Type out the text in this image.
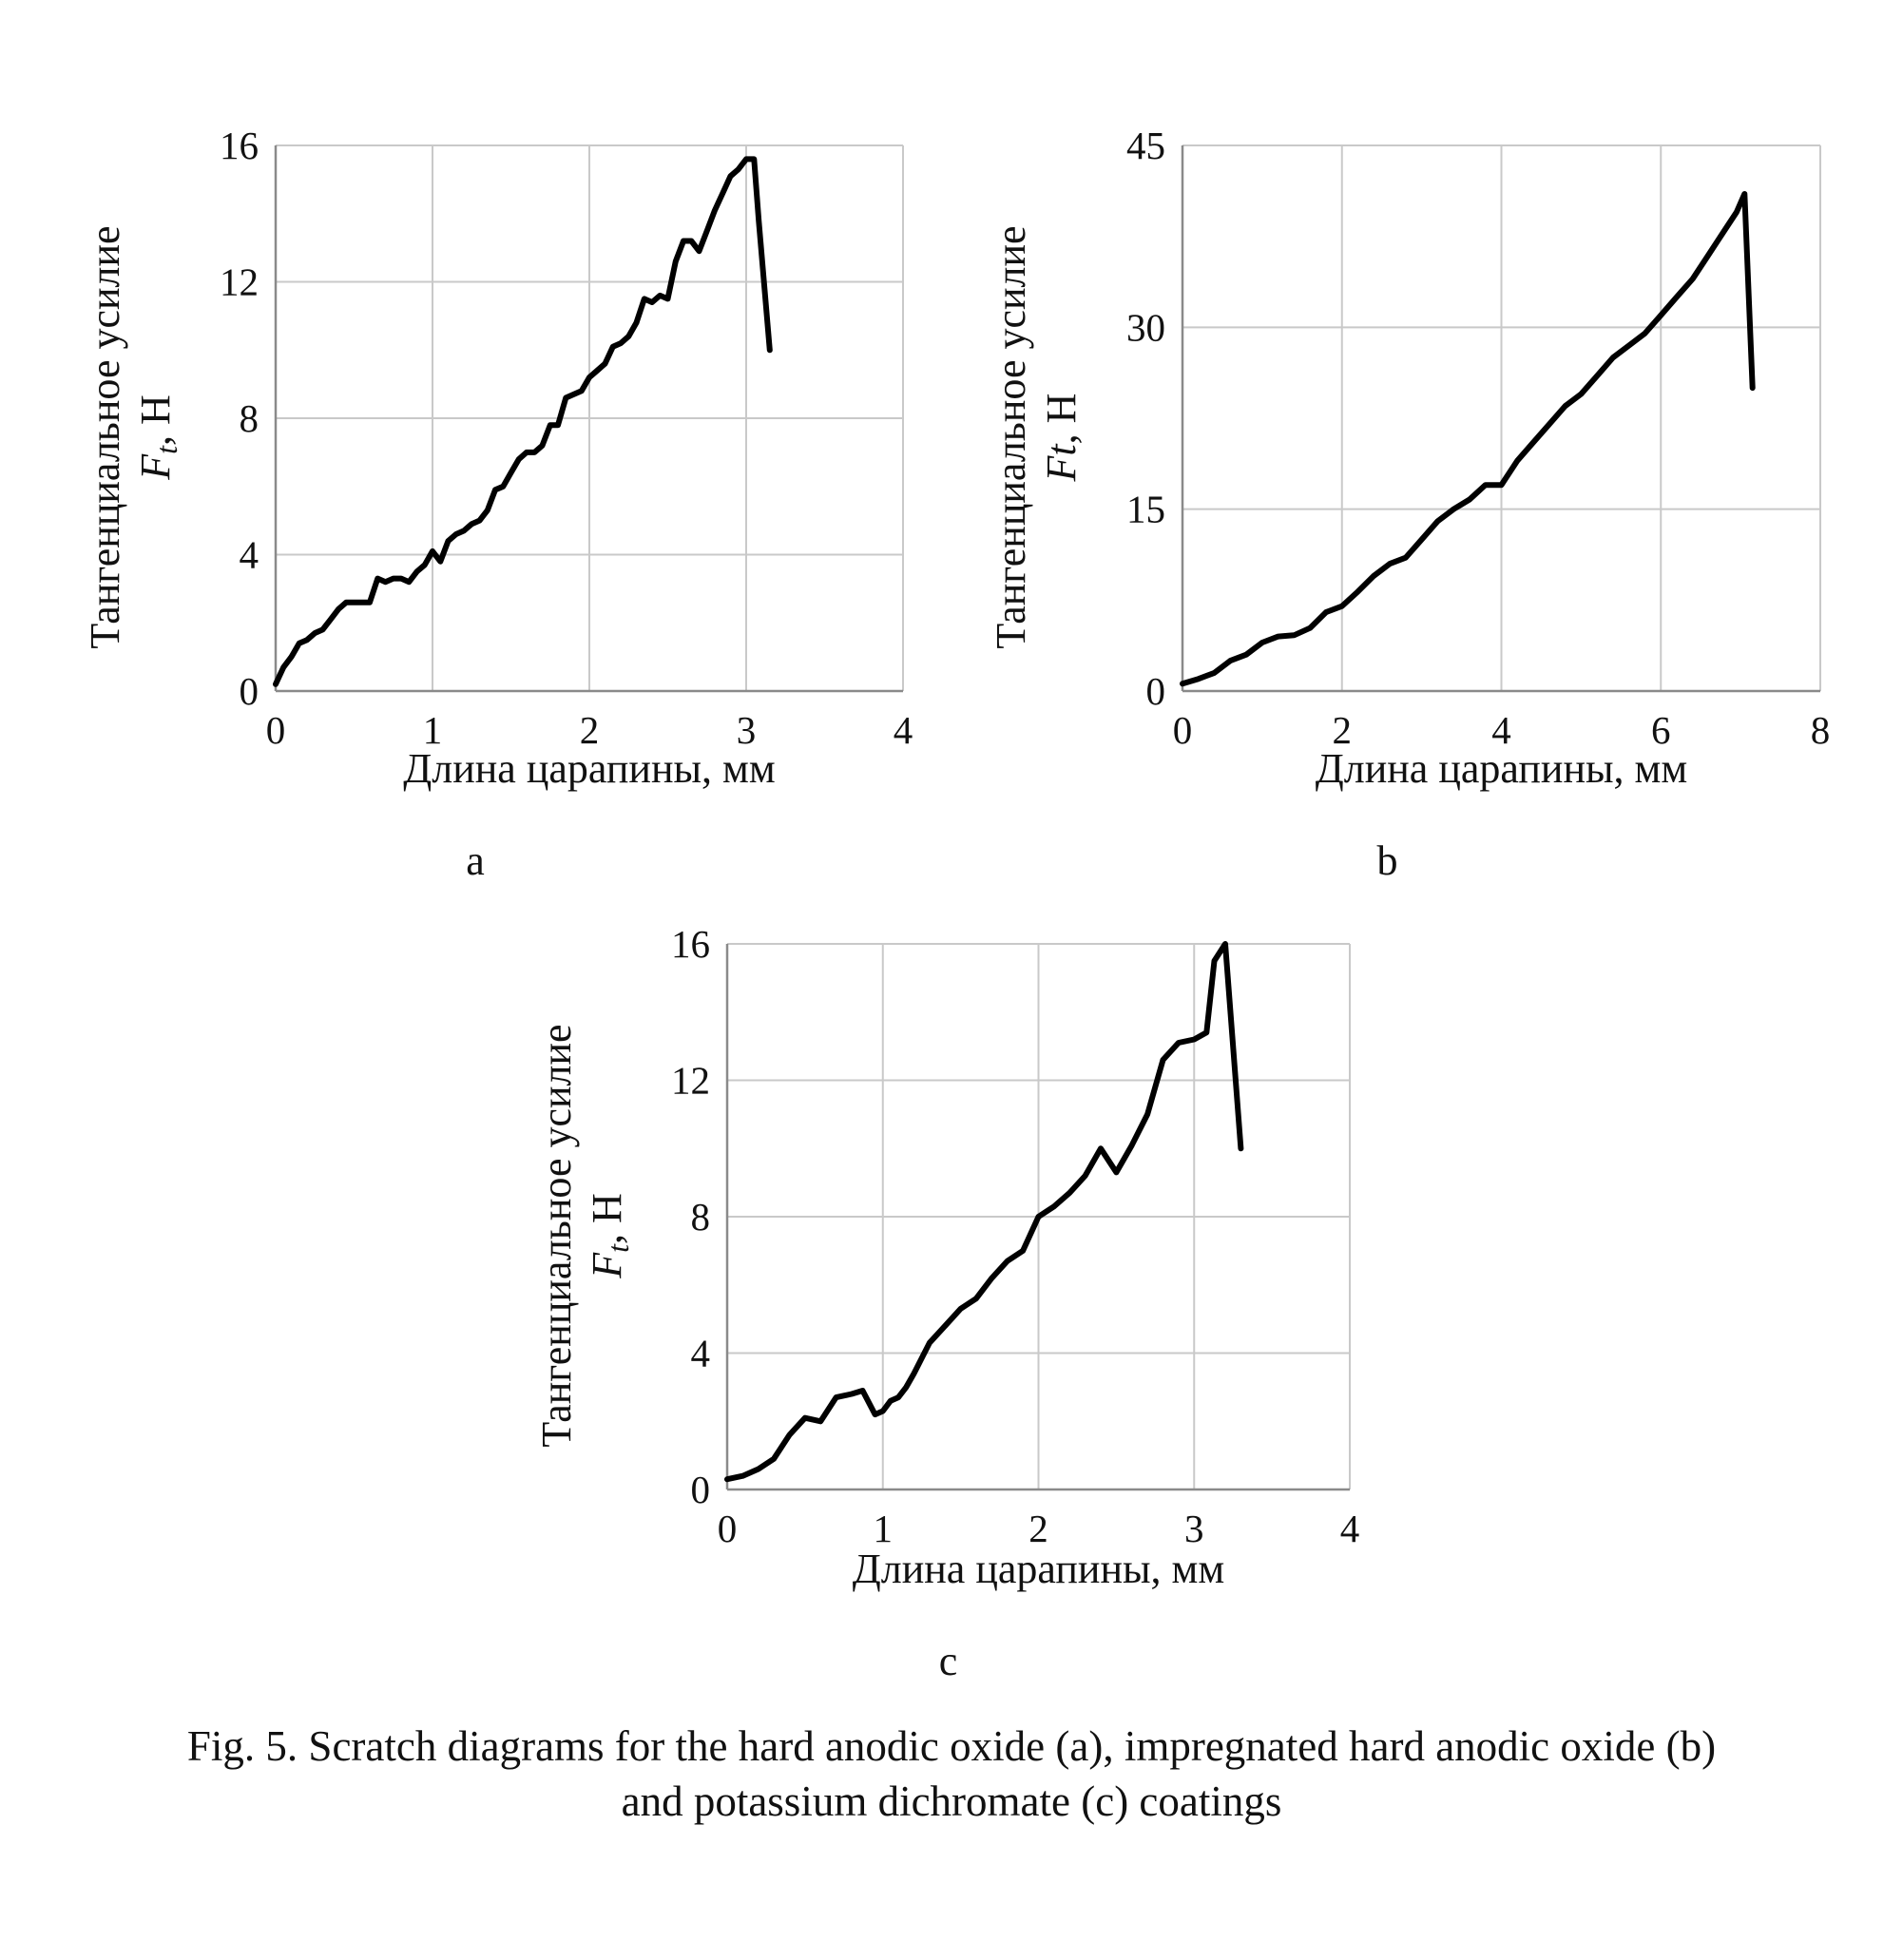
0
4
8
12
16
0	1	2	3	4
Длина царапины, мм
Тангенциальное усилие Ft, Н
a
0
15
30
45
0	2	4	6	8
Длина царапины, мм
Тангенциальное усилие Ft, Н
b
0
4
8
12
16
0	1	2	3	4
Длина царапины, мм
Тангенциальное усилие Ft, Н
c
Fig. 5. Scratch diagrams for the hard anodic oxide (a), impregnated hard anodic oxide (b)
and potassium dichromate (c) coatings
